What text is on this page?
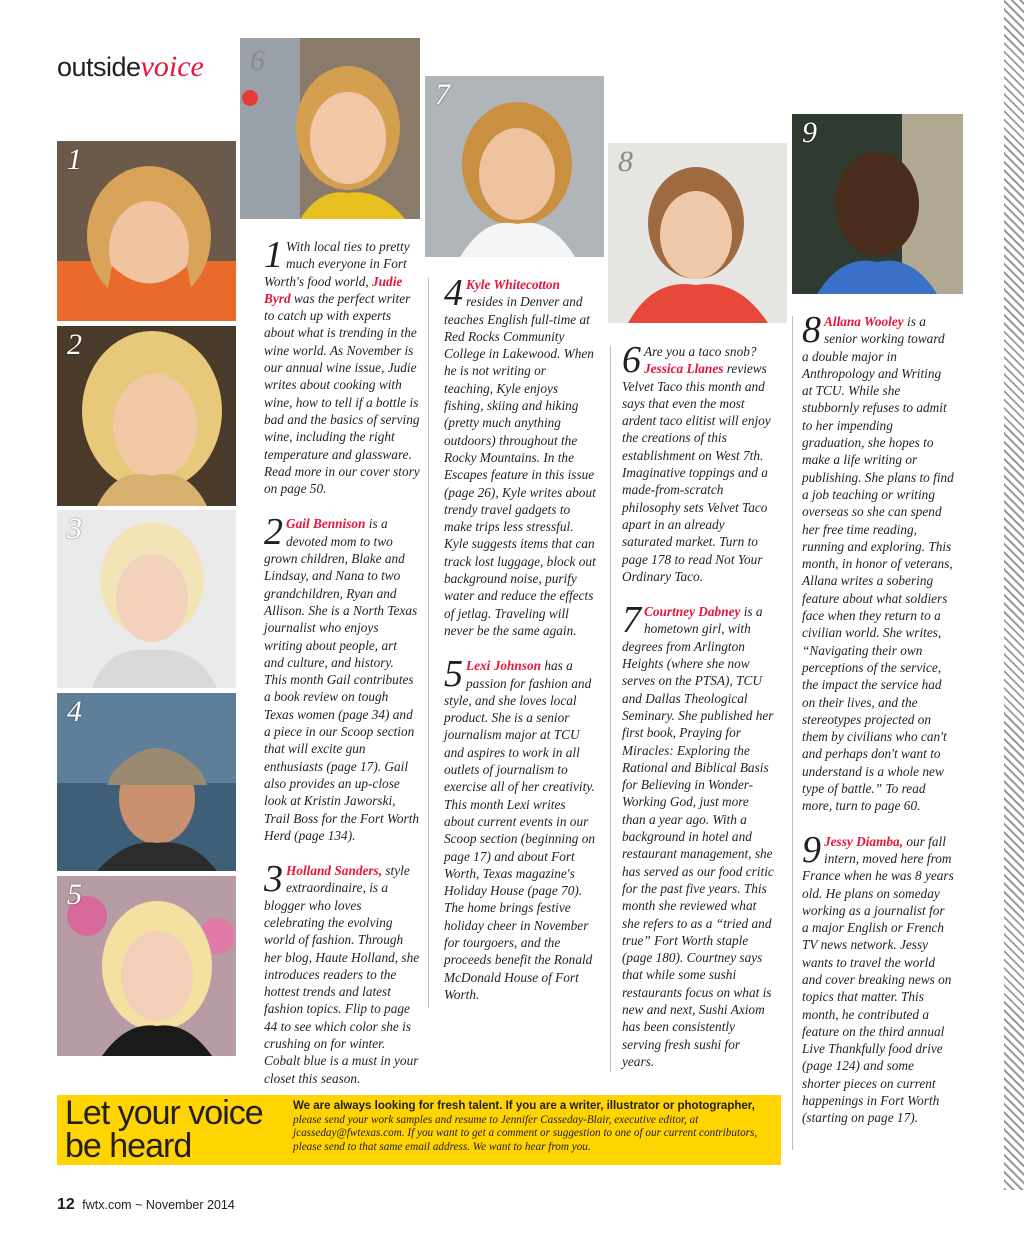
outsidevoice
1
2
3
4
5
6
7
8
9

1 With local ties to pretty much everyone in Fort Worth's food world, Judie Byrd was the perfect writer to catch up with experts about what is trending in the wine world. As November is our annual wine issue, Judie writes about cooking with wine, how to tell if a bottle is bad and the basics of serving wine, including the right temperature and glassware. Read more in our cover story on page 50.

2 Gail Bennison is a devoted mom to two grown children, Blake and Lindsay, and Nana to two grandchildren, Ryan and Allison. She is a North Texas journalist who enjoys writing about people, art and culture, and history. This month Gail contributes a book review on tough Texas women (page 34) and a piece in our Scoop section that will excite gun enthusiasts (page 17). Gail also provides an up-close look at Kristin Jaworski, Trail Boss for the Fort Worth Herd (page 134).

3 Holland Sanders, style extraordinaire, is a blogger who loves celebrating the evolving world of fashion. Through her blog, Haute Holland, she introduces readers to the hottest trends and latest fashion topics. Flip to page 44 to see which color she is crushing on for winter. Cobalt blue is a must in your closet this season.

4 Kyle Whitecotton resides in Denver and teaches English full-time at Red Rocks Community College in Lakewood. When he is not writing or teaching, Kyle enjoys fishing, skiing and hiking (pretty much anything outdoors) throughout the Rocky Mountains. In the Escapes feature in this issue (page 26), Kyle writes about trendy travel gadgets to make trips less stressful. Kyle suggests items that can track lost luggage, block out background noise, purify water and reduce the effects of jetlag. Traveling will never be the same again.

5 Lexi Johnson has a passion for fashion and style, and she loves local product. She is a senior journalism major at TCU and aspires to work in all outlets of journalism to exercise all of her creativity. This month Lexi writes about current events in our Scoop section (beginning on page 17) and about Fort Worth, Texas magazine's Holiday House (page 70). The home brings festive holiday cheer in November for tourgoers, and the proceeds benefit the Ronald McDonald House of Fort Worth.

6 Are you a taco snob? Jessica Llanes reviews Velvet Taco this month and says that even the most ardent taco elitist will enjoy the creations of this establishment on West 7th. Imaginative toppings and a made-from-scratch philosophy sets Velvet Taco apart in an already saturated market. Turn to page 178 to read Not Your Ordinary Taco.

7 Courtney Dabney is a hometown girl, with degrees from Arlington Heights (where she now serves on the PTSA), TCU and Dallas Theological Seminary. She published her first book, Praying for Miracles: Exploring the Rational and Biblical Basis for Believing in Wonder-Working God, just more than a year ago. With a background in hotel and restaurant management, she has served as our food critic for the past five years. This month she reviewed what she refers to as a “tried and true” Fort Worth staple (page 180). Courtney says that while some sushi restaurants focus on what is new and next, Sushi Axiom has been consistently serving fresh sushi for years.

8 Allana Wooley is a senior working toward a double major in Anthropology and Writing at TCU. While she stubbornly refuses to admit to her impending graduation, she hopes to make a life writing or publishing. She plans to find a job teaching or writing overseas so she can spend her free time reading, running and exploring. This month, in honor of veterans, Allana writes a sobering feature about what soldiers face when they return to a civilian world. She writes, “Navigating their own perceptions of the service, the impact the service had on their lives, and the stereotypes projected on them by civilians who can't and perhaps don't want to understand is a whole new type of battle.” To read more, turn to page 60.

9 Jessy Diamba, our fall intern, moved here from France when he was 8 years old. He plans on someday working as a journalist for a major English or French TV news network. Jessy wants to travel the world and cover breaking news on topics that matter. This month, he contributed a feature on the third annual Live Thankfully food drive (page 124) and some shorter pieces on current happenings in Fort Worth (starting on page 17).

Let your voice be heard
We are always looking for fresh talent. If you are a writer, illustrator or photographer, please send your work samples and resume to Jennifer Casseday-Blair, executive editor, at jcasseday@fwtexas.com. If you want to get a comment or suggestion to one of our current contributors, please send to that same email address. We want to hear from you.
12 fwtx.com ~ November 2014
